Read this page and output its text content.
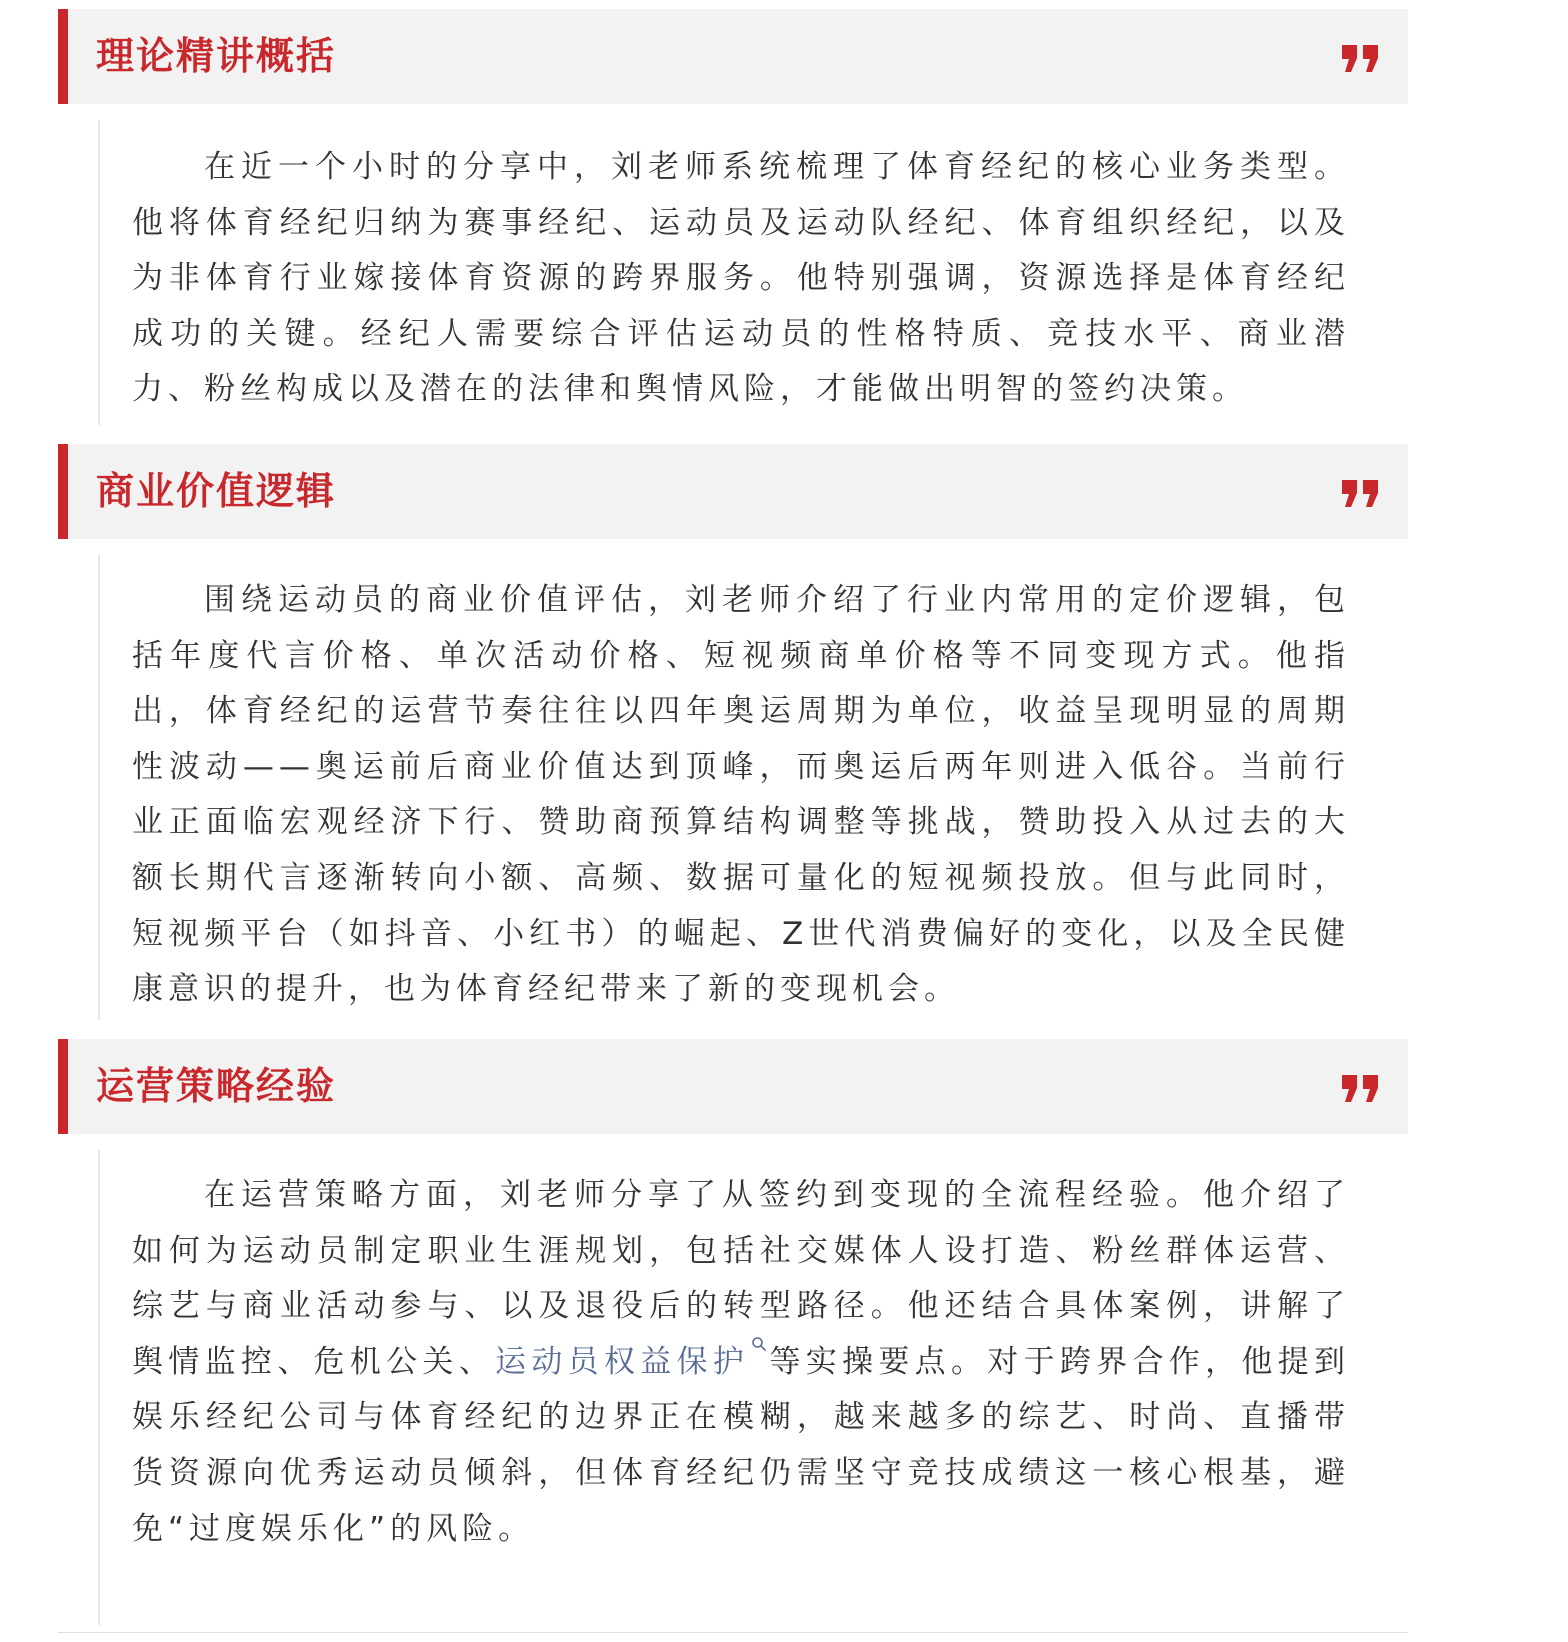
理论精讲概括

在近一个小时的分享中，刘老师系统梳理了体育经纪的核心业务类型。他将体育经纪归纳为赛事经纪、运动员及运动队经纪、体育组织经纪，以及为非体育行业嫁接体育资源的跨界服务。他特别强调，资源选择是体育经纪成功的关键。经纪人需要综合评估运动员的性格特质、竞技水平、商业潜力、粉丝构成以及潜在的法律和舆情风险，才能做出明智的签约决策。

商业价值逻辑

围绕运动员的商业价值评估，刘老师介绍了行业内常用的定价逻辑，包括年度代言价格、单次活动价格、短视频商单价格等不同变现方式。他指出，体育经纪的运营节奏往往以四年奥运周期为单位，收益呈现明显的周期性波动——奥运前后商业价值达到顶峰，而奥运后两年则进入低谷。当前行业正面临宏观经济下行、赞助商预算结构调整等挑战，赞助投入从过去的大额长期代言逐渐转向小额、高频、数据可量化的短视频投放。但与此同时，短视频平台（如抖音、小红书）的崛起、Z世代消费偏好的变化，以及全民健康意识的提升，也为体育经纪带来了新的变现机会。

运营策略经验

在运营策略方面，刘老师分享了从签约到变现的全流程经验。他介绍了如何为运动员制定职业生涯规划，包括社交媒体人设打造、粉丝群体运营、综艺与商业活动参与、以及退役后的转型路径。他还结合具体案例，讲解了舆情监控、危机公关、运动员权益保护 等实操要点。对于跨界合作，他提到娱乐经纪公司与体育经纪的边界正在模糊，越来越多的综艺、时尚、直播带货资源向优秀运动员倾斜，但体育经纪仍需坚守竞技成绩这一核心根基，避免“过度娱乐化”的风险。
